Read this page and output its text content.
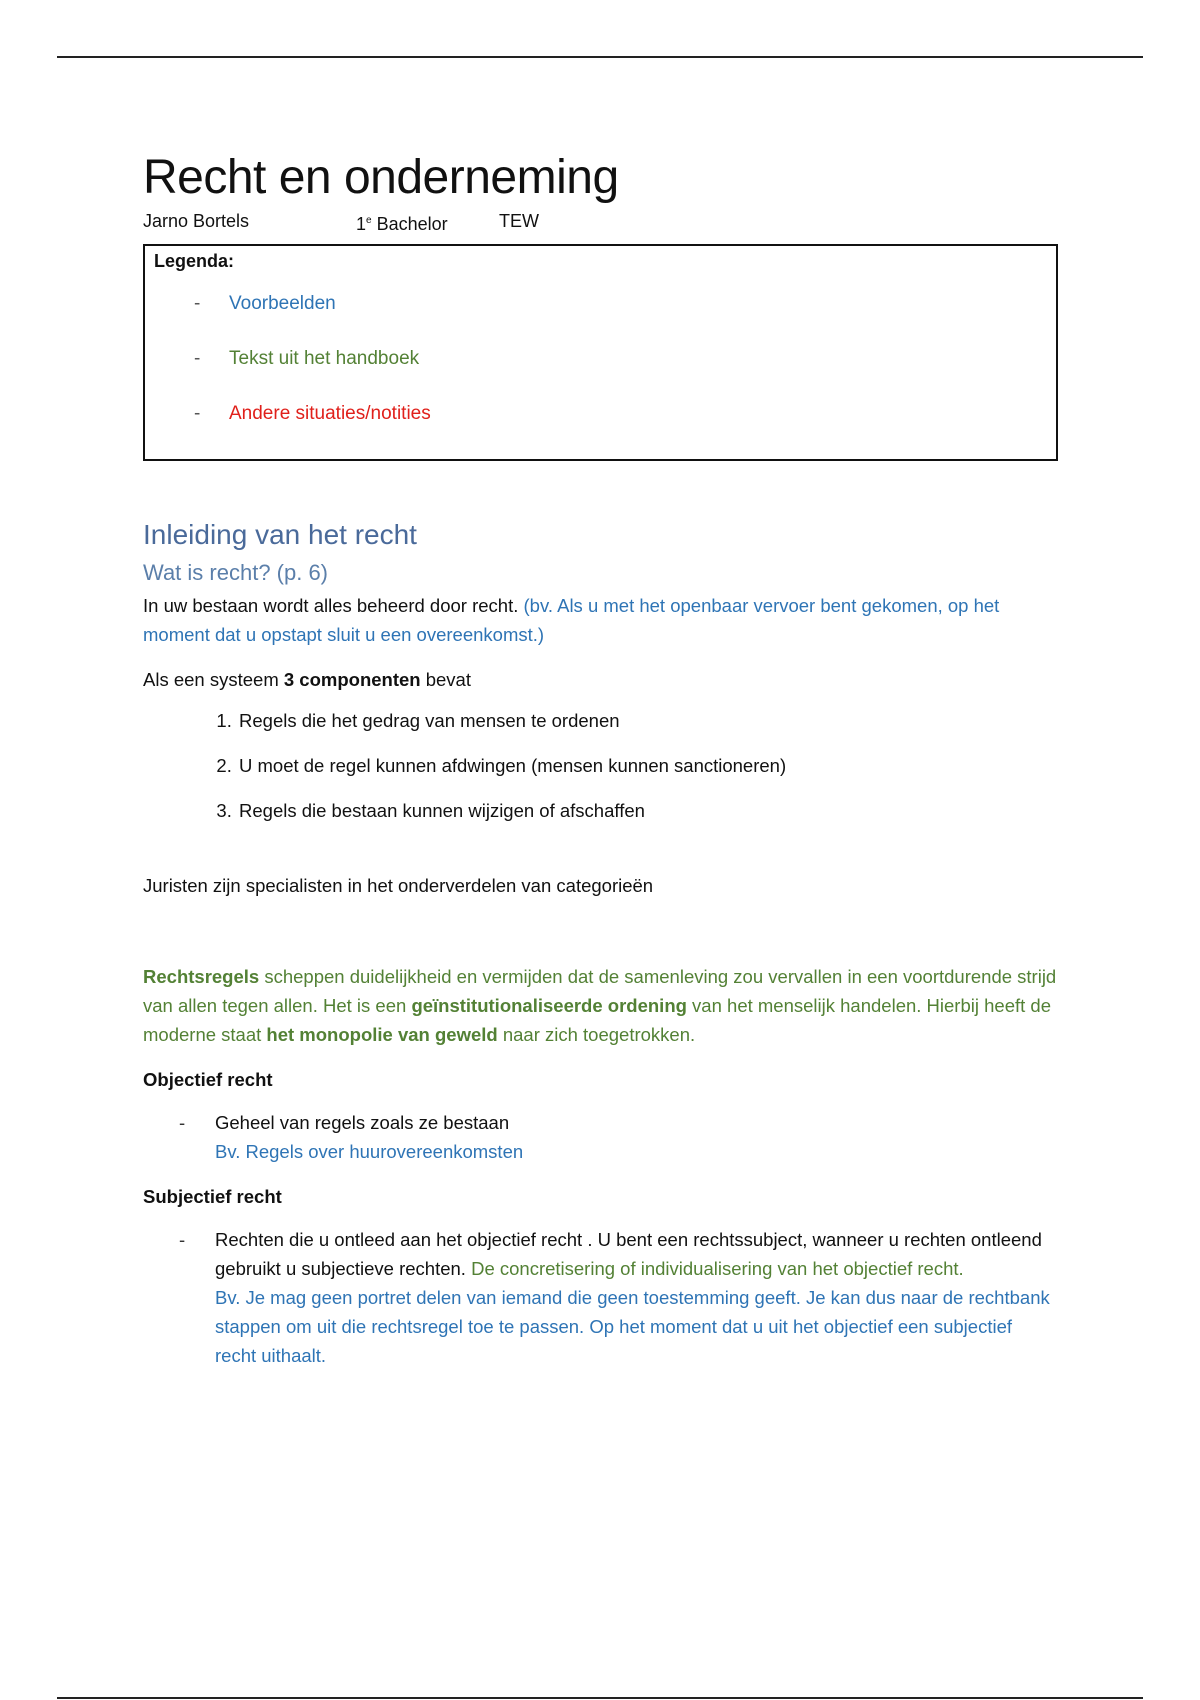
Recht en onderneming
Jarno Bortels	1e Bachelor	TEW
Legenda:
- Voorbeelden
- Tekst uit het handboek
- Andere situaties/notities
Inleiding van het recht
Wat is recht? (p. 6)

In uw bestaan wordt alles beheerd door recht. (bv. Als u met het openbaar vervoer bent gekomen, op het moment dat u opstapt sluit u een overeenkomst.)

Als een systeem 3 componenten bevat

1. Regels die het gedrag van mensen te ordenen
2. U moet de regel kunnen afdwingen (mensen kunnen sanctioneren)
3. Regels die bestaan kunnen wijzigen of afschaffen

Juristen zijn specialisten in het onderverdelen van categorieën

Rechtsregels scheppen duidelijkheid en vermijden dat de samenleving zou vervallen in een voortdurende strijd van allen tegen allen. Het is een geïnstitutionaliseerde ordening van het menselijk handelen. Hierbij heeft de moderne staat het monopolie van geweld naar zich toegetrokken.

Objectief recht
- Geheel van regels zoals ze bestaan
Bv. Regels over huurovereenkomsten
Subjectief recht
- Rechten die u ontleed aan het objectief recht . U bent een rechtssubject, wanneer u rechten ontleend gebruikt u subjectieve rechten. De concretisering of individualisering van het objectief recht.
Bv. Je mag geen portret delen van iemand die geen toestemming geeft. Je kan dus naar de rechtbank stappen om uit die rechtsregel toe te passen. Op het moment dat u uit het objectief een subjectief recht uithaalt.
